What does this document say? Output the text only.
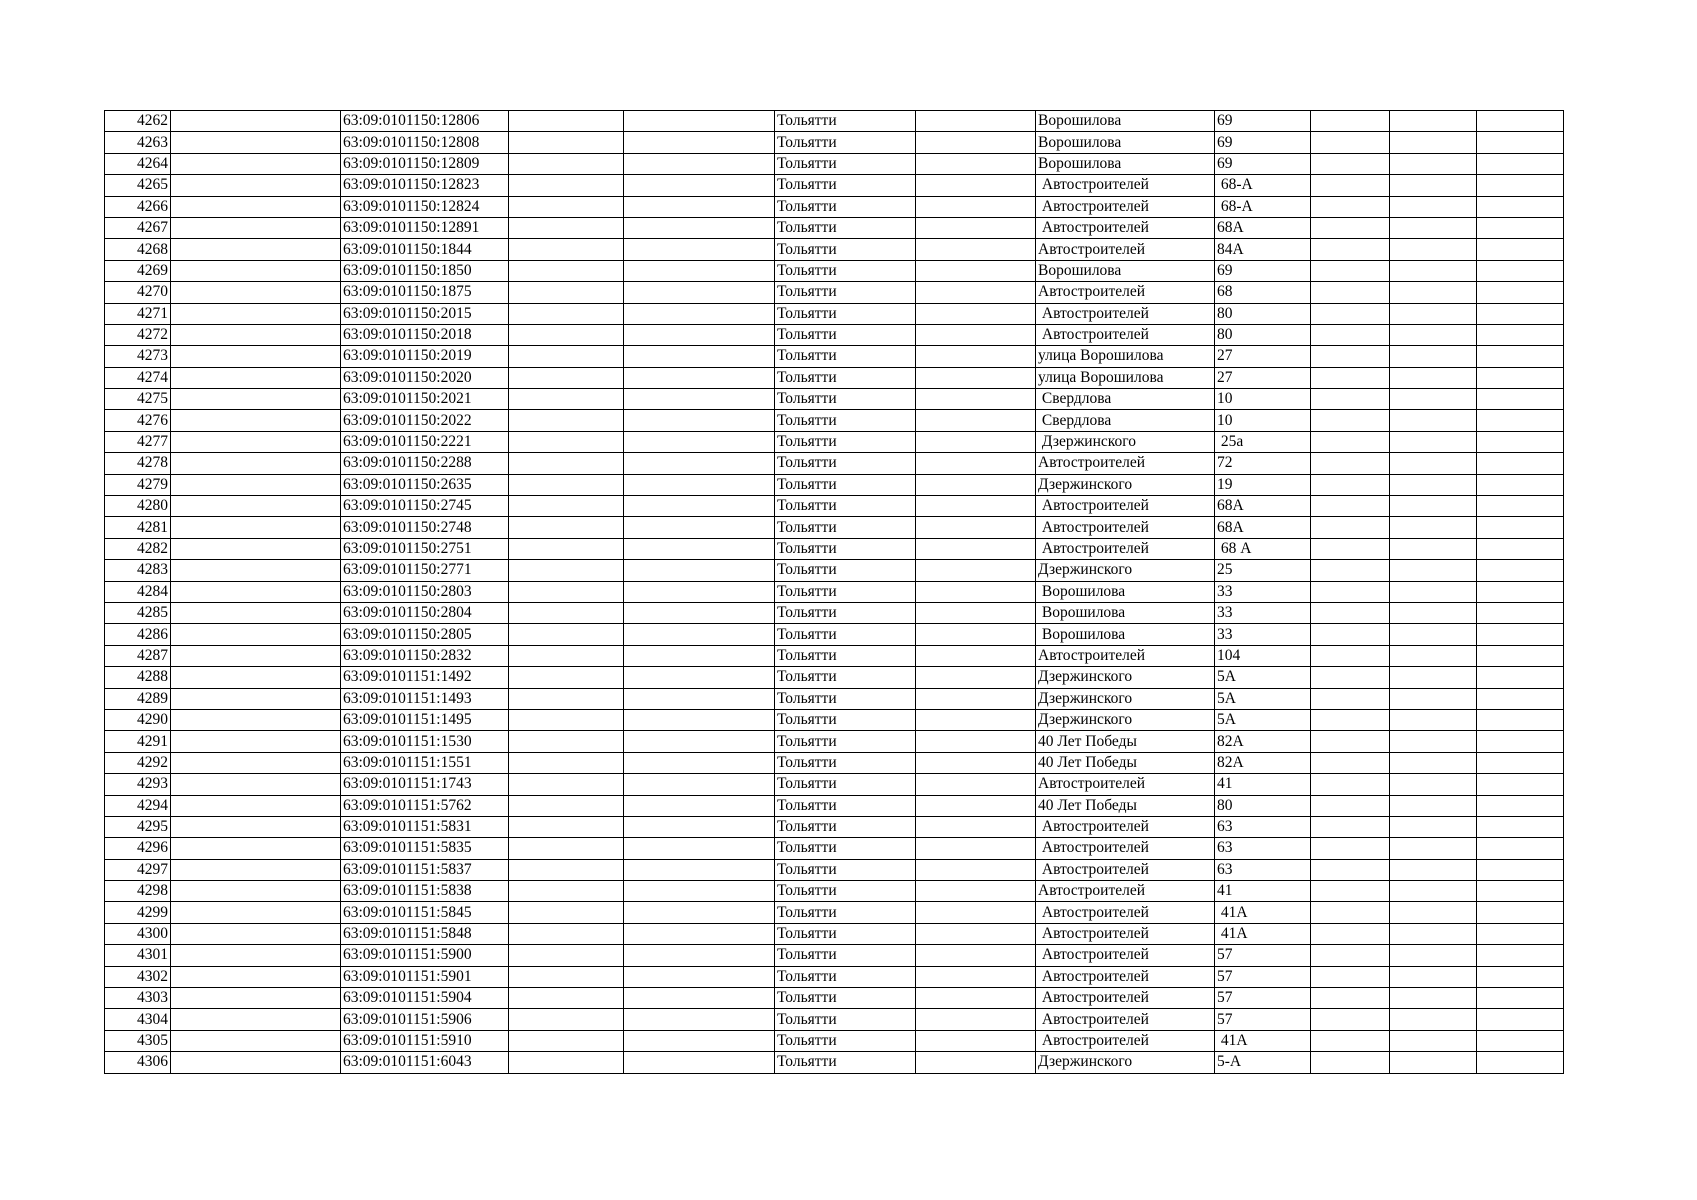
4262		63:09:0101150:12806			Тольятти		Ворошилова	69			
4263		63:09:0101150:12808			Тольятти		Ворошилова	69			
4264		63:09:0101150:12809			Тольятти		Ворошилова	69			
4265		63:09:0101150:12823			Тольятти		Автостроителей	68-А			
4266		63:09:0101150:12824			Тольятти		Автостроителей	68-А			
4267		63:09:0101150:12891			Тольятти		Автостроителей	68А			
4268		63:09:0101150:1844			Тольятти		Автостроителей	84А			
4269		63:09:0101150:1850			Тольятти		Ворошилова	69			
4270		63:09:0101150:1875			Тольятти		Автостроителей	68			
4271		63:09:0101150:2015			Тольятти		Автостроителей	80			
4272		63:09:0101150:2018			Тольятти		Автостроителей	80			
4273		63:09:0101150:2019			Тольятти		улица Ворошилова	27			
4274		63:09:0101150:2020			Тольятти		улица Ворошилова	27			
4275		63:09:0101150:2021			Тольятти		Свердлова	10			
4276		63:09:0101150:2022			Тольятти		Свердлова	10			
4277		63:09:0101150:2221			Тольятти		Дзержинского	25а			
4278		63:09:0101150:2288			Тольятти		Автостроителей	72			
4279		63:09:0101150:2635			Тольятти		Дзержинского	19			
4280		63:09:0101150:2745			Тольятти		Автостроителей	68А			
4281		63:09:0101150:2748			Тольятти		Автостроителей	68А			
4282		63:09:0101150:2751			Тольятти		Автостроителей	68 А			
4283		63:09:0101150:2771			Тольятти		Дзержинского	25			
4284		63:09:0101150:2803			Тольятти		Ворошилова	33			
4285		63:09:0101150:2804			Тольятти		Ворошилова	33			
4286		63:09:0101150:2805			Тольятти		Ворошилова	33			
4287		63:09:0101150:2832			Тольятти		Автостроителей	104			
4288		63:09:0101151:1492			Тольятти		Дзержинского	5А			
4289		63:09:0101151:1493			Тольятти		Дзержинского	5А			
4290		63:09:0101151:1495			Тольятти		Дзержинского	5А			
4291		63:09:0101151:1530			Тольятти		40 Лет Победы	82А			
4292		63:09:0101151:1551			Тольятти		40 Лет Победы	82А			
4293		63:09:0101151:1743			Тольятти		Автостроителей	41			
4294		63:09:0101151:5762			Тольятти		40 Лет Победы	80			
4295		63:09:0101151:5831			Тольятти		Автостроителей	63			
4296		63:09:0101151:5835			Тольятти		Автостроителей	63			
4297		63:09:0101151:5837			Тольятти		Автостроителей	63			
4298		63:09:0101151:5838			Тольятти		Автостроителей	41			
4299		63:09:0101151:5845			Тольятти		Автостроителей	41А			
4300		63:09:0101151:5848			Тольятти		Автостроителей	41А			
4301		63:09:0101151:5900			Тольятти		Автостроителей	57			
4302		63:09:0101151:5901			Тольятти		Автостроителей	57			
4303		63:09:0101151:5904			Тольятти		Автостроителей	57			
4304		63:09:0101151:5906			Тольятти		Автостроителей	57			
4305		63:09:0101151:5910			Тольятти		Автостроителей	41А			
4306		63:09:0101151:6043			Тольятти		Дзержинского	5-А			
